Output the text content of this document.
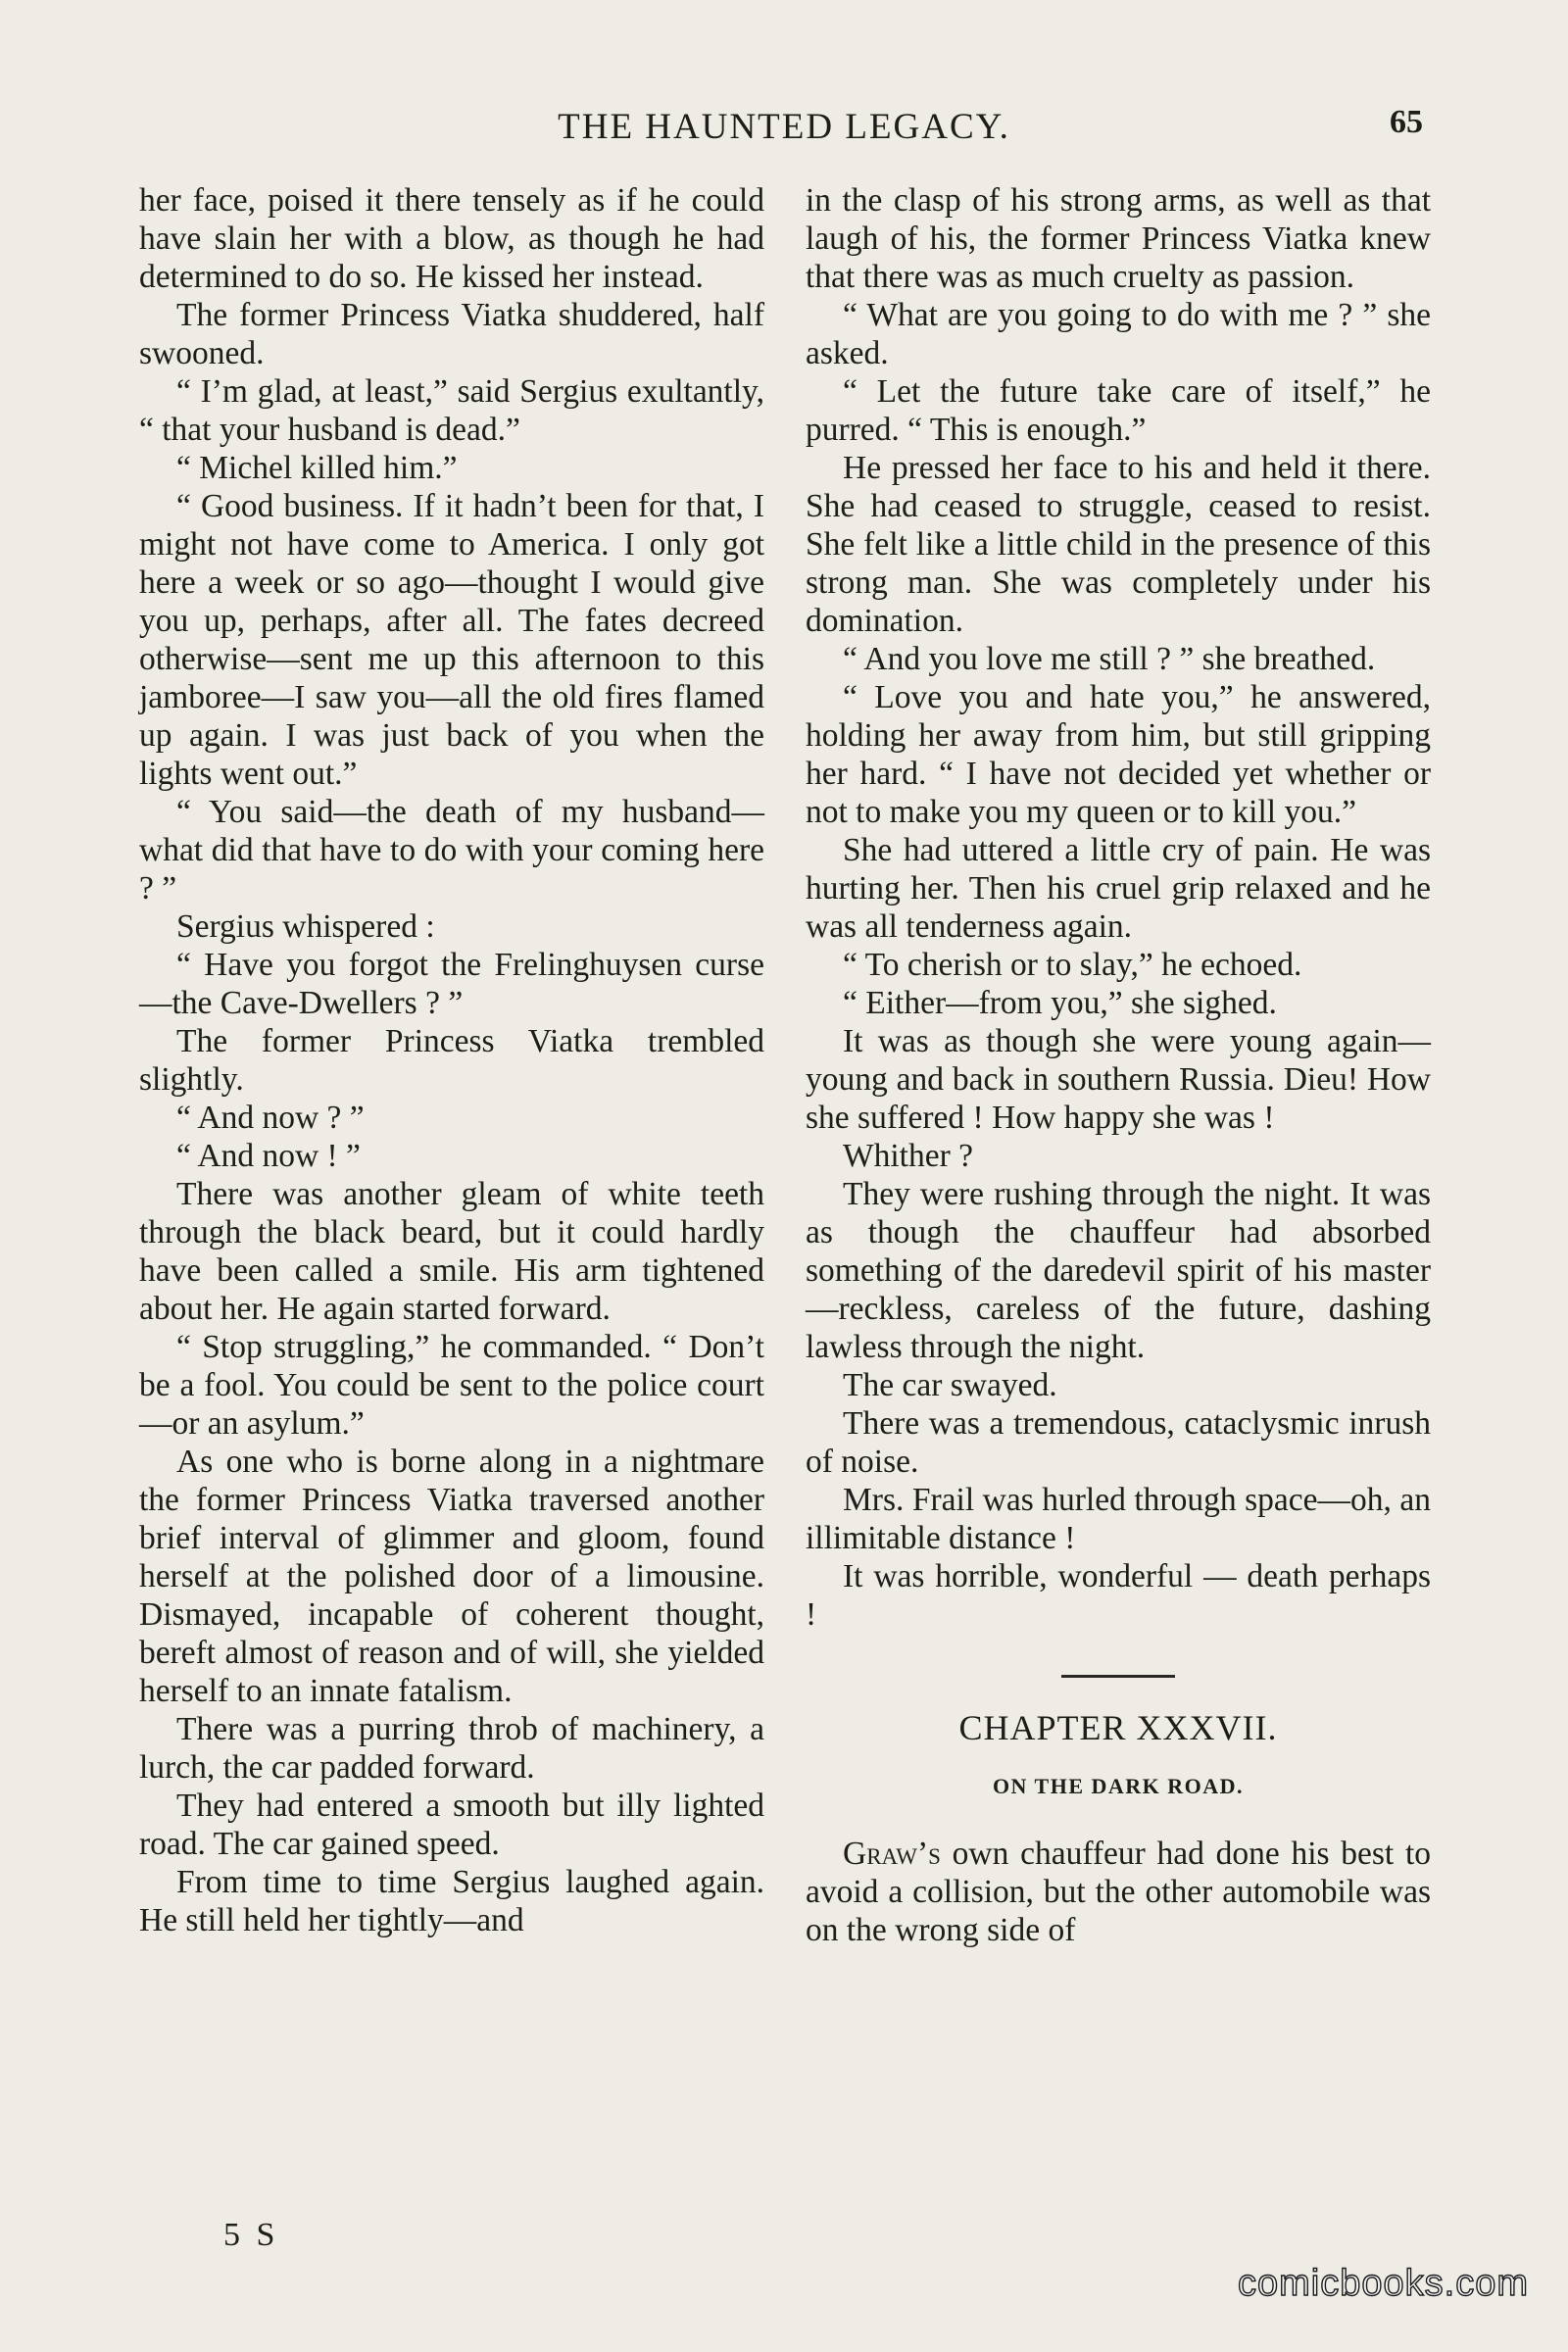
THE HAUNTED LEGACY.	65

her face, poised it there tensely as if he could have slain her with a blow, as though he had determined to do so. He kissed her instead.

The former Princess Viatka shuddered, half swooned.

“ I’m glad, at least,” said Sergius exultantly, “ that your husband is dead.”

“ Michel killed him.”

“ Good business. If it hadn’t been for that, I might not have come to America. I only got here a week or so ago—thought I would give you up, perhaps, after all. The fates decreed otherwise—sent me up this afternoon to this jamboree—I saw you—all the old fires flamed up again. I was just back of you when the lights went out.”

“ You said—the death of my husband—what did that have to do with your coming here ? ”

Sergius whispered :

“ Have you forgot the Frelinghuysen curse—the Cave-Dwellers ? ”

The former Princess Viatka trembled slightly.

“ And now ? ”

“ And now ! ”

There was another gleam of white teeth through the black beard, but it could hardly have been called a smile. His arm tightened about her. He again started forward.

“ Stop struggling,” he commanded. “ Don’t be a fool. You could be sent to the police court—or an asylum.”

As one who is borne along in a nightmare the former Princess Viatka traversed another brief interval of glimmer and gloom, found herself at the polished door of a limousine. Dismayed, incapable of coherent thought, bereft almost of reason and of will, she yielded herself to an innate fatalism.

There was a purring throb of machinery, a lurch, the car padded forward.

They had entered a smooth but illy lighted road. The car gained speed.

From time to time Sergius laughed again. He still held her tightly—and

in the clasp of his strong arms, as well as that laugh of his, the former Princess Viatka knew that there was as much cruelty as passion.

“ What are you going to do with me ? ” she asked.

“ Let the future take care of itself,” he purred. “ This is enough.”

He pressed her face to his and held it there. She had ceased to struggle, ceased to resist. She felt like a little child in the presence of this strong man. She was completely under his domination.

“ And you love me still ? ” she breathed.

“ Love you and hate you,” he answered, holding her away from him, but still gripping her hard. “ I have not decided yet whether or not to make you my queen or to kill you.”

She had uttered a little cry of pain. He was hurting her. Then his cruel grip relaxed and he was all tenderness again.

“ To cherish or to slay,” he echoed.

“ Either—from you,” she sighed.

It was as though she were young again—young and back in southern Russia. Dieu! How she suffered ! How happy she was !

Whither ?

They were rushing through the night. It was as though the chauffeur had absorbed something of the daredevil spirit of his master—reckless, careless of the future, dashing lawless through the night.

The car swayed.

There was a tremendous, cataclysmic inrush of noise.

Mrs. Frail was hurled through space—oh, an illimitable distance !

It was horrible, wonderful — death perhaps !

CHAPTER XXXVII.
ON THE DARK ROAD.

Graw’s own chauffeur had done his best to avoid a collision, but the other automobile was on the wrong side of

5 S
comicbooks.com
